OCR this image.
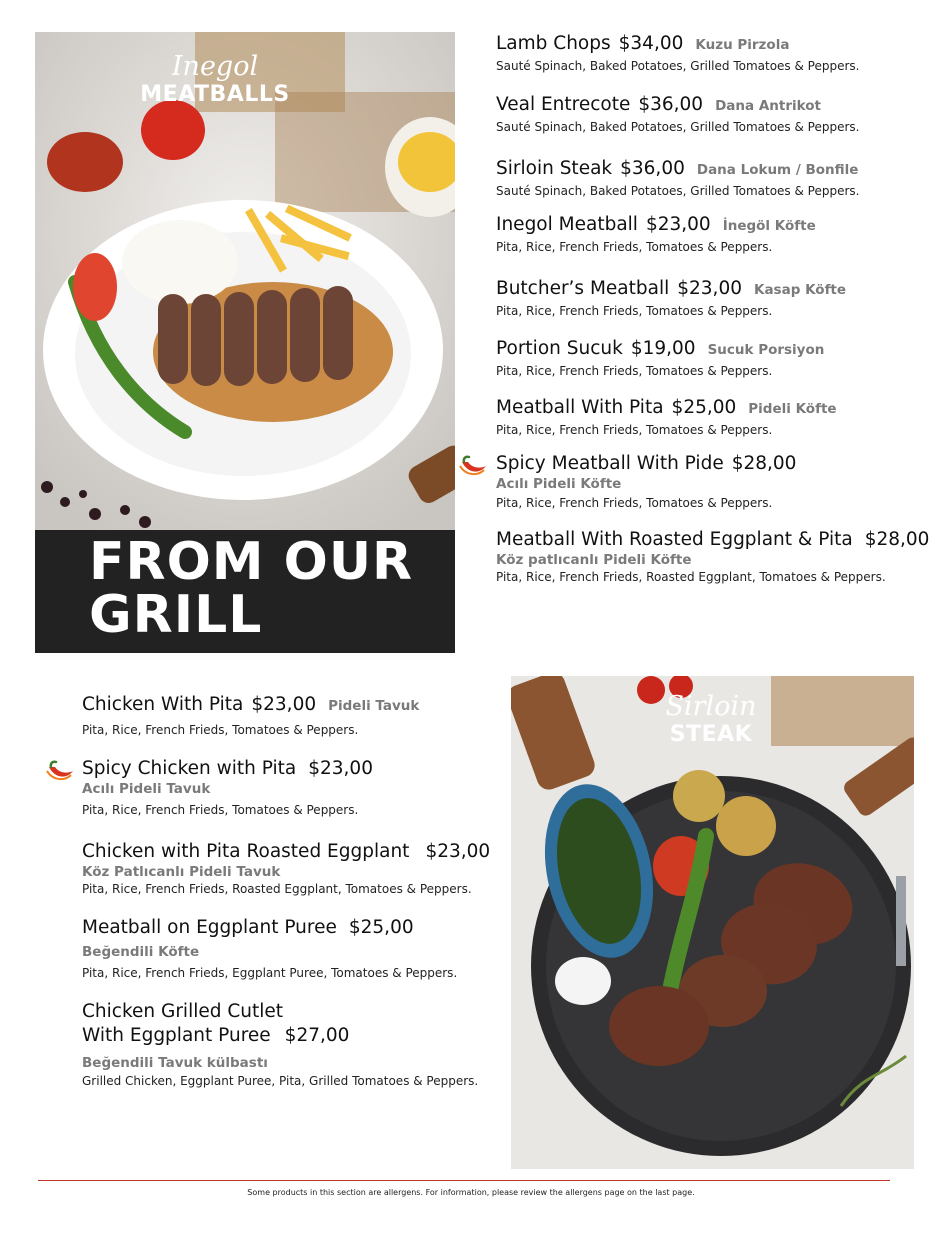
Inegol
MEATBALLS
FROM OUR
GRILL
Lamb Chops $34,00 Kuzu Pirzola
Sauté Spinach, Baked Potatoes, Grilled Tomatoes & Peppers.
Veal Entrecote $36,00 Dana Antrikot
Sauté Spinach, Baked Potatoes, Grilled Tomatoes & Peppers.
Sirloin Steak $36,00 Dana Lokum / Bonfile
Sauté Spinach, Baked Potatoes, Grilled Tomatoes & Peppers.
Inegol Meatball $23,00 İnegöl Köfte
Pita, Rice, French Frieds, Tomatoes & Peppers.
Butcher’s Meatball $23,00 Kasap Köfte
Pita, Rice, French Frieds, Tomatoes & Peppers.
Portion Sucuk $19,00 Sucuk Porsiyon
Pita, Rice, French Frieds, Tomatoes & Peppers.
Meatball With Pita $25,00 Pideli Köfte
Pita, Rice, French Frieds, Tomatoes & Peppers.
Spicy Meatball With Pide $28,00
Acılı Pideli Köfte
Pita, Rice, French Frieds, Tomatoes & Peppers.
Meatball With Roasted Eggplant & Pita $28,00
Köz patlıcanlı Pideli Köfte
Pita, Rice, French Frieds, Roasted Eggplant, Tomatoes & Peppers.
Chicken With Pita $23,00 Pideli Tavuk
Pita, Rice, French Frieds, Tomatoes & Peppers.
Spicy Chicken with Pita $23,00
Acılı Pideli Tavuk
Pita, Rice, French Frieds, Tomatoes & Peppers.
Chicken with Pita Roasted Eggplant $23,00
Köz Patlıcanlı Pideli Tavuk
Pita, Rice, French Frieds, Roasted Eggplant, Tomatoes & Peppers.
Meatball on Eggplant Puree $25,00
Beğendili Köfte
Pita, Rice, French Frieds, Eggplant Puree, Tomatoes & Peppers.
Chicken Grilled Cutlet
With Eggplant Puree $27,00
Beğendili Tavuk külbastı
Grilled Chicken, Eggplant Puree, Pita, Grilled Tomatoes & Peppers.
Sirloin
STEAK
Some products in this section are allergens. For information, please review the allergens page on the last page.
